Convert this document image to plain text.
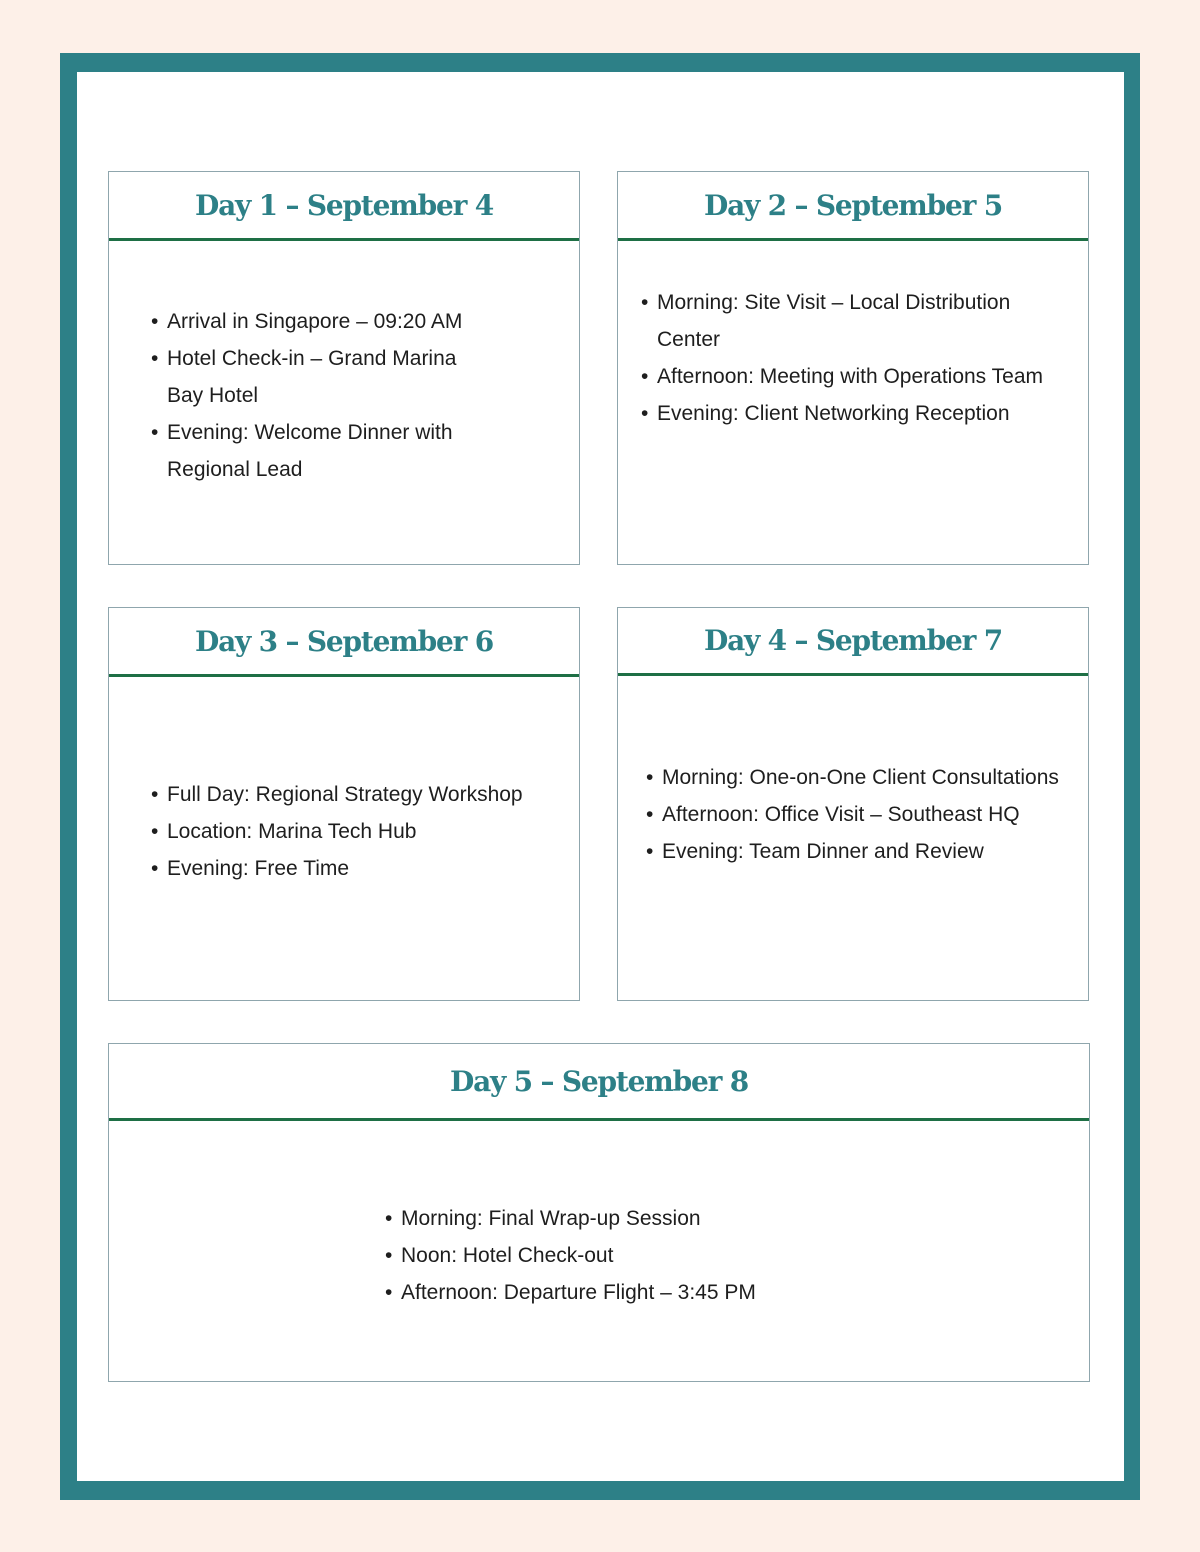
Day 1 – September 4
• Arrival in Singapore – 09:20 AM
• Hotel Check-in – Grand Marina Bay Hotel
• Evening: Welcome Dinner with Regional Lead
Day 2 – September 5
• Morning: Site Visit – Local Distribution Center
• Afternoon: Meeting with Operations Team
• Evening: Client Networking Reception
Day 3 – September 6
• Full Day: Regional Strategy Workshop
• Location: Marina Tech Hub
• Evening: Free Time
Day 4 – September 7
• Morning: One-on-One Client Consultations
• Afternoon: Office Visit – Southeast HQ
• Evening: Team Dinner and Review
Day 5 – September 8
• Morning: Final Wrap-up Session
• Noon: Hotel Check-out
• Afternoon: Departure Flight – 3:45 PM
